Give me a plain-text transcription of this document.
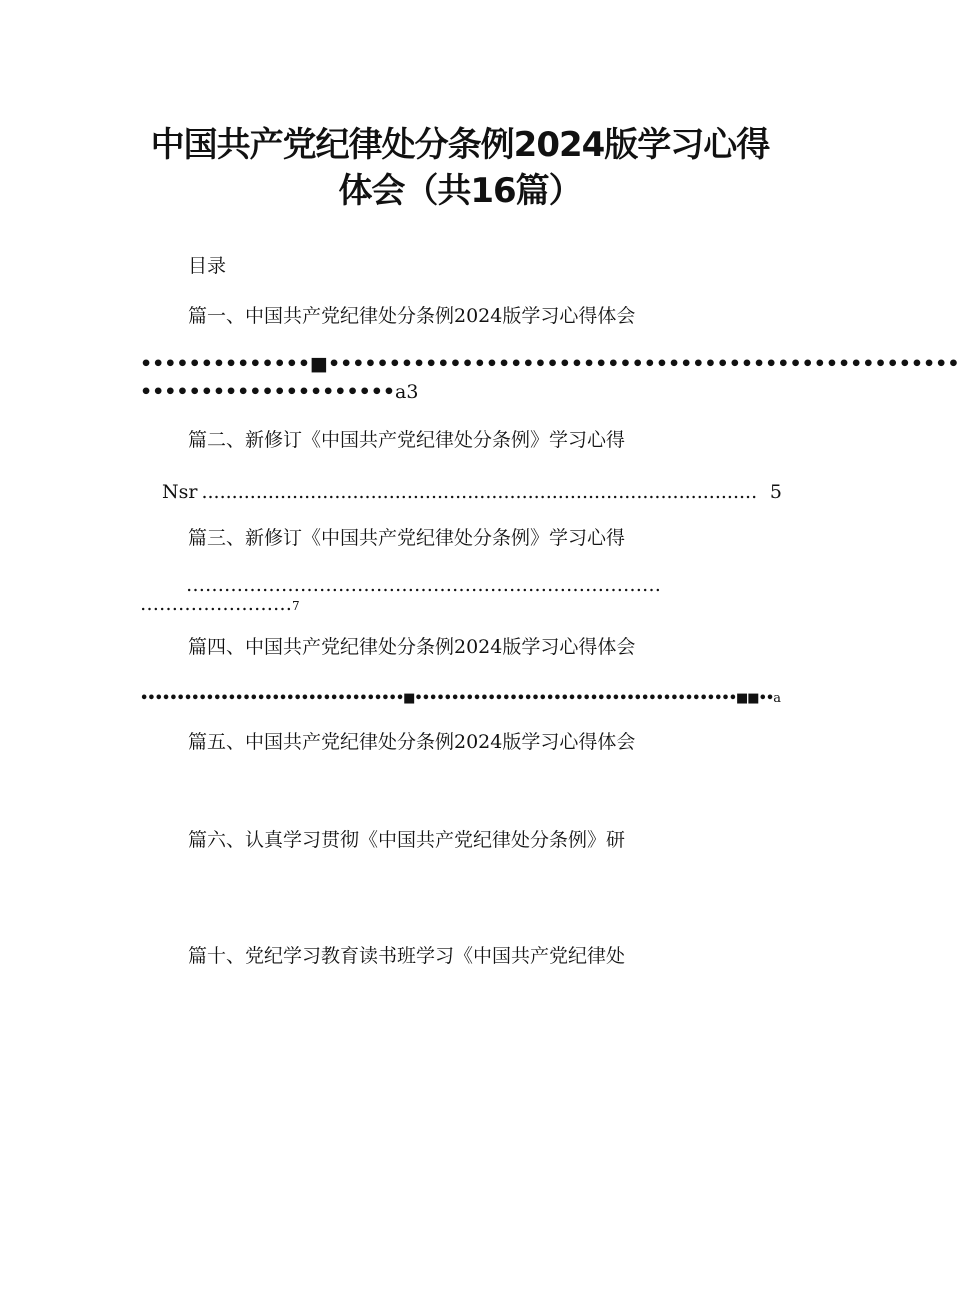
中国共产党纪律处分条例2024版学习心得
体会（共16篇）
目录
篇一、中国共产党纪律处分条例2024版学习心得体会
••••••••••••••■••••••••••••••••••••••••••••••••••••••••••••••••••••
•••••••••••••••••••••a3
篇二、新修订《中国共产党纪律处分条例》学习心得
Nsr ............................................................................................ 5
篇三、新修订《中国共产党纪律处分条例》学习心得
…………………………………………………………………
……………………7
篇四、中国共产党纪律处分条例2024版学习心得体会
••••••••••••••••••••••••••••••••••••■••••••••••••••••••••••••••••••••••••••••••••■■••a
篇五、中国共产党纪律处分条例2024版学习心得体会
篇六、认真学习贯彻《中国共产党纪律处分条例》研
篇十、党纪学习教育读书班学习《中国共产党纪律处
